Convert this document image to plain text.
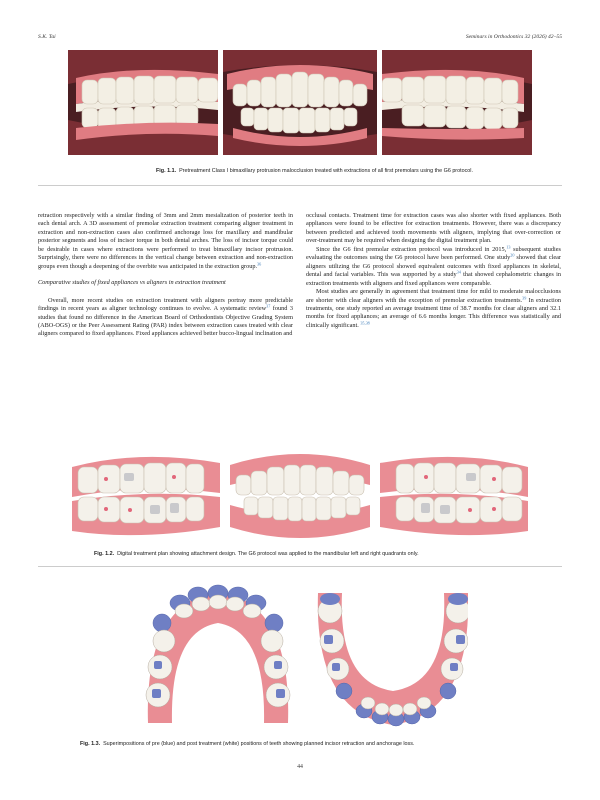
S.K. Tai	Seminars in Orthodontics 32 (2026) 42–55
Fig. 1.1. Pretreatment Class I bimaxillary protrusion malocclusion treated with extractions of all first premolars using the G6 protocol.

retraction respectively with a similar finding of 3mm and 2mm mesialization of posterior teeth in each dental arch. A 3D assessment of premolar extraction treatment comparing aligner treatment in extraction and non-extraction cases also confirmed anchorage loss for maxillary and mandibular posterior segments and loss of incisor torque in both dental arches. The loss of incisor torque could be desirable in cases where extractions were performed to treat bimaxillary incisor protrusion. Surprisingly, there were no differences in the vertical change between extraction and non-extraction groups even though a deepening of the overbite was anticipated in the extraction group.$^{36}$

Comparative studies of fixed appliances vs aligners in extraction treatment

Overall, more recent studies on extraction treatment with aligners portray more predictable findings in recent years as aligner technology continues to evolve. A systematic review$^{37}$ found 3 studies that found no difference in the American Board of Orthodontists Objective Grading System (ABO-OGS) or the Peer Assessment Rating (PAR) index between extraction cases treated with clear aligners compared to fixed appliances. Fixed appliances achieved better bucco-lingual inclination and

occlusal contacts. Treatment time for extraction cases was also shorter with fixed appliances. Both appliances were found to be effective for extraction treatments. However, there was a discrepancy between predicted and achieved tooth movements with aligners, implying that over-correction or over-treatment may be required when designing the digital treatment plan.

Since the G6 first premolar extraction protocol was introduced in 2015,13 subsequent studies evaluating the outcomes using the G6 protocol have been performed. One study$^{20}$ showed that clear aligners utilizing the G6 protocol showed equivalent outcomes with fixed appliances in skeletal, dental and facial variables. This was supported by a study$^{34}$ that showed cephalometric changes in extraction treatments with aligners and fixed appliances were comparable.

Most studies are generally in agreement that treatment time for mild to moderate malocclusions are shorter with clear aligners with the exception of premolar extraction treatments.$^{39}$ In extraction treatments, one study reported an average treatment time of 38.7 months for clear aligners and 32.1 months for fixed appliances; an average of 6.6 months longer. This difference was statistically and clinically significant. $^{35,38}$

Fig. 1.2. Digital treatment plan showing attachment design. The G6 protocol was applied to the mandibular left and right quadrants only.
Fig. 1.3. Superimpositions of pre (blue) and post treatment (white) positions of teeth showing planned incisor retraction and anchorage loss.
44
